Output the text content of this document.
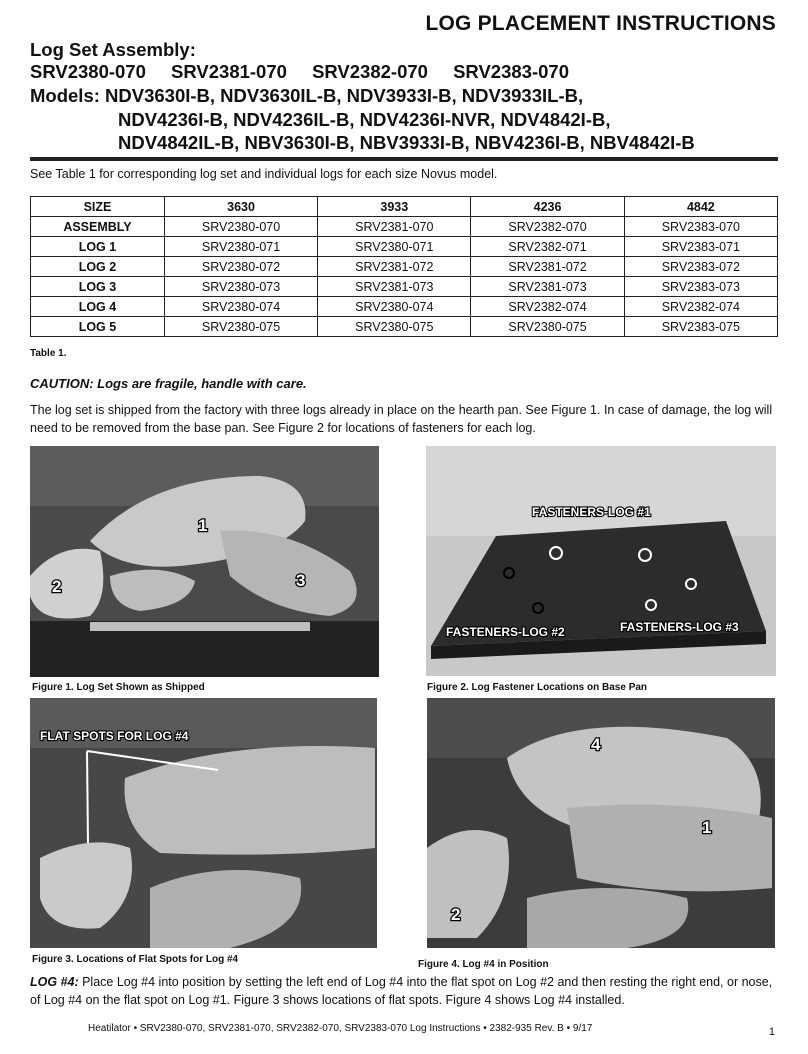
LOG PLACEMENT INSTRUCTIONS
Log Set Assembly:
SRV2380-070 SRV2381-070 SRV2382-070 SRV2383-070
Models: NDV3630I-B, NDV3630IL-B, NDV3933I-B, NDV3933IL-B,
NDV4236I-B, NDV4236IL-B, NDV4236I-NVR, NDV4842I-B,
NDV4842IL-B, NBV3630I-B, NBV3933I-B, NBV4236I-B, NBV4842I-B
See Table 1 for corresponding log set and individual logs for each size Novus model.
SIZE	3630	3933	4236	4842
ASSEMBLY	SRV2380-070	SRV2381-070	SRV2382-070	SRV2383-070
LOG 1	SRV2380-071	SRV2380-071	SRV2382-071	SRV2383-071
LOG 2	SRV2380-072	SRV2381-072	SRV2381-072	SRV2383-072
LOG 3	SRV2380-073	SRV2381-073	SRV2381-073	SRV2383-073
LOG 4	SRV2380-074	SRV2380-074	SRV2382-074	SRV2382-074
LOG 5	SRV2380-075	SRV2380-075	SRV2380-075	SRV2383-075
Table 1.
CAUTION: Logs are fragile, handle with care.
The log set is shipped from the factory with three logs already in place on the hearth pan. See Figure 1. In case of damage, the log will need to be removed from the base pan. See Figure 2 for locations of fasteners for each log.
1
2	3
Figure 1. Log Set Shown as Shipped
FASTENERS-LOG #1
FASTENERS-LOG #2	FASTENERS-LOG #3
Figure 2. Log Fastener Locations on Base Pan
FLAT SPOTS FOR LOG #4
Figure 3. Locations of Flat Spots for Log #4
4
1
2
Figure 4. Log #4 in Position
LOG #4: Place Log #4 into position by setting the left end of Log #4 into the flat spot on Log #2 and then resting the right end, or nose, of Log #4 on the flat spot on Log #1. Figure 3 shows locations of flat spots. Figure 4 shows Log #4 installed.
Heatilator • SRV2380-070, SRV2381-070, SRV2382-070, SRV2383-070 Log Instructions • 2382-935 Rev. B • 9/17	1
